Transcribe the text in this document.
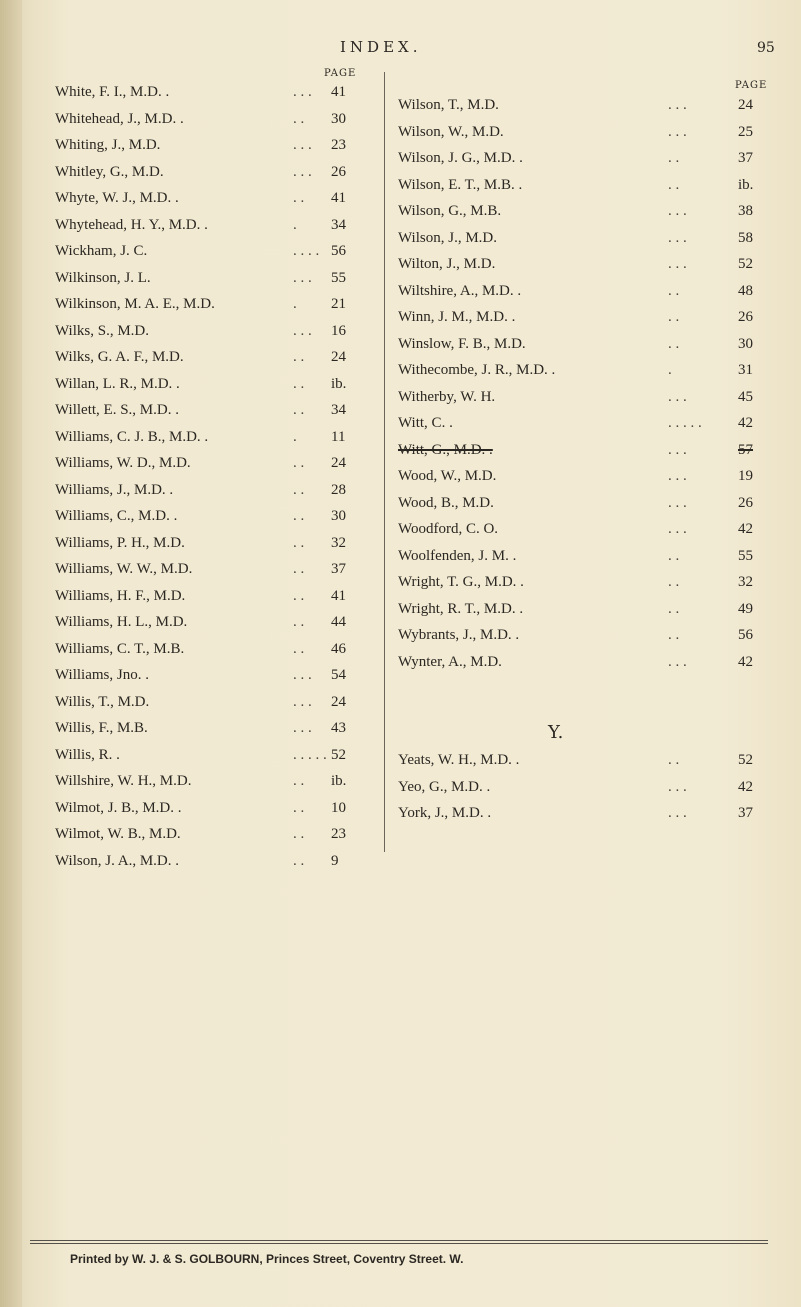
INDEX.	95
PAGE
PAGE
White, F. I., M.D. .	. . . 41
Whitehead, J., M.D. .	. . 30
Whiting, J., M.D.	. . . 23
Whitley, G., M.D.	. . . 26
Whyte, W. J., M.D. .	. . 41
Whytehead, H. Y., M.D. .	. 34
Wickham, J. C.	. . . . 56
Wilkinson, J. L.	. . . 55
Wilkinson, M. A. E., M.D.	. 21
Wilks, S., M.D.	. . . 16
Wilks, G. A. F., M.D.	. . 24
Willan, L. R., M.D. .	. . ib.
Willett, E. S., M.D. .	. . 34
Williams, C. J. B., M.D. .	. 11
Williams, W. D., M.D.	. . 24
Williams, J., M.D. .	. . 28
Williams, C., M.D. .	. . 30
Williams, P. H., M.D.	. . 32
Williams, W. W., M.D.	. . 37
Williams, H. F., M.D.	. . 41
Williams, H. L., M.D.	. . 44
Williams, C. T., M.B.	. . 46
Williams, Jno. .	. . . 54
Willis, T., M.D.	. . . 24
Willis, F., M.B.	. . . 43
Willis, R. .	. . . . . 52
Willshire, W. H., M.D.	. . ib.
Wilmot, J. B., M.D. .	. . 10
Wilmot, W. B., M.D.	. . 23
Wilson, J. A., M.D. .	. . 9
Wilson, T., M.D.	. . .	24
Wilson, W., M.D.	. . .	25
Wilson, J. G., M.D. .	. .	37
Wilson, E. T., M.B. .	. .	ib.
Wilson, G., M.B.	. . .	38
Wilson, J., M.D.	. . .	58
Wilton, J., M.D.	. . .	52
Wiltshire, A., M.D. .	. .	48
Winn, J. M., M.D. .	. .	26
Winslow, F. B., M.D.	. .	30
Withecombe, J. R., M.D. .	.	31
Witherby, W. H.	. . .	45
Witt, C. .	. . . . . 42
Witt, G., M.D. .	. . .	57
Wood, W., M.D.	. . .	19
Wood, B., M.D.	. . .	26
Woodford, C. O.	. . .	42
Woolfenden, J. M. .	. .	55
Wright, T. G., M.D. .	. .	32
Wright, R. T., M.D. .	. .	49
Wybrants, J., M.D. .	. .	56
Wynter, A., M.D.	. . .	42
Y.
Yeats, W. H., M.D. .	. .	52
Yeo, G., M.D. .	. . .	42
York, J., M.D. .	. . .	37
Printed by W. J. & S. GOLBOURN, Princes Street, Coventry Street. W.
